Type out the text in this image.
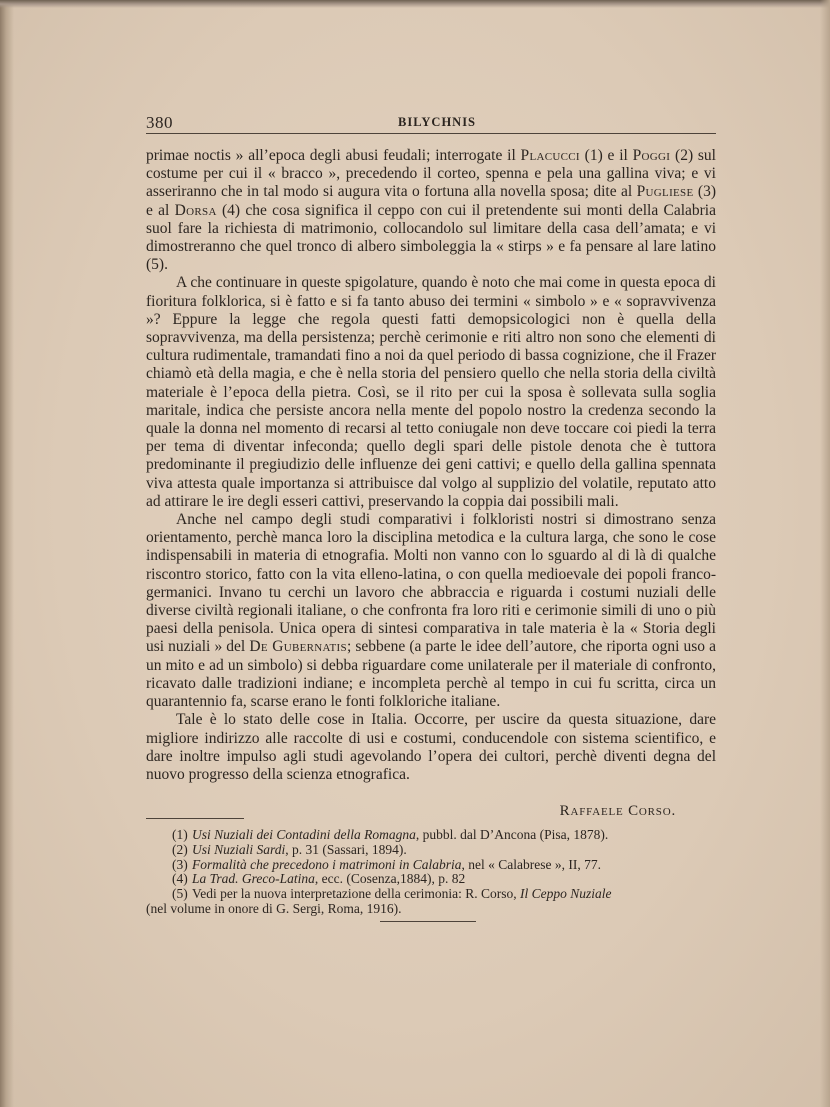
380	BILYCHNIS

primae noctis » all’epoca degli abusi feudali; interrogate il Placucci (1) e il Poggi (2) sul costume per cui il « bracco », precedendo il corteo, spenna e pela una gallina viva; e vi asseriranno che in tal modo si augura vita o fortuna alla novella sposa; dite al Pugliese (3) e al Dorsa (4) che cosa significa il ceppo con cui il pretendente sui monti della Calabria suol fare la richiesta di matrimonio, collocandolo sul limitare della casa dell’amata; e vi dimostreranno che quel tronco di albero simboleggia la « stirps » e fa pensare al lare latino (5).

A che continuare in queste spigolature, quando è noto che mai come in questa epoca di fioritura folklorica, si è fatto e si fa tanto abuso dei termini « simbolo » e « sopravvivenza »? Eppure la legge che regola questi fatti demopsicologici non è quella della sopravvivenza, ma della persistenza; perchè cerimonie e riti altro non sono che elementi di cultura rudimentale, tramandati fino a noi da quel periodo di bassa cognizione, che il Frazer chiamò età della magia, e che è nella storia del pensiero quello che nella storia della civiltà materiale è l’epoca della pietra. Così, se il rito per cui la sposa è sollevata sulla soglia maritale, indica che persiste ancora nella mente del popolo nostro la credenza secondo la quale la donna nel momento di recarsi al tetto coniugale non deve toccare coi piedi la terra per tema di diventar infeconda; quello degli spari delle pistole denota che è tuttora predominante il pregiudizio delle influenze dei geni cattivi; e quello della gallina spennata viva attesta quale importanza si attribuisce dal volgo al supplizio del volatile, reputato atto ad attirare le ire degli esseri cattivi, preservando la coppia dai possibili mali.

Anche nel campo degli studi comparativi i folkloristi nostri si dimostrano senza orientamento, perchè manca loro la disciplina metodica e la cultura larga, che sono le cose indispensabili in materia di etnografia. Molti non vanno con lo sguardo al di là di qualche riscontro storico, fatto con la vita elleno-latina, o con quella medioevale dei popoli franco-germanici. Invano tu cerchi un lavoro che abbraccia e riguarda i costumi nuziali delle diverse civiltà regionali italiane, o che confronta fra loro riti e cerimonie simili di uno o più paesi della penisola. Unica opera di sintesi comparativa in tale materia è la « Storia degli usi nuziali » del De Gubernatis; sebbene (a parte le idee dell’autore, che riporta ogni uso a un mito e ad un simbolo) si debba riguardare come unilaterale per il materiale di confronto, ricavato dalle tradizioni indiane; e incompleta perchè al tempo in cui fu scritta, circa un quarantennio fa, scarse erano le fonti folkloriche italiane.

Tale è lo stato delle cose in Italia. Occorre, per uscire da questa situazione, dare migliore indirizzo alle raccolte di usi e costumi, conducendole con sistema scientifico, e dare inoltre impulso agli studi agevolando l’opera dei cultori, perchè diventi degna del nuovo progresso della scienza etnografica.

Raffaele Corso.

(1) Usi Nuziali dei Contadini della Romagna, pubbl. dal D’Ancona (Pisa, 1878).

(2) Usi Nuziali Sardi, p. 31 (Sassari, 1894).

(3) Formalità che precedono i matrimoni in Calabria, nel « Calabrese », II, 77.

(4) La Trad. Greco-Latina, ecc. (Cosenza,1884), p. 82

(5) Vedi per la nuova interpretazione della cerimonia: R. Corso, Il Ceppo Nuziale

(nel volume in onore di G. Sergi, Roma, 1916).
